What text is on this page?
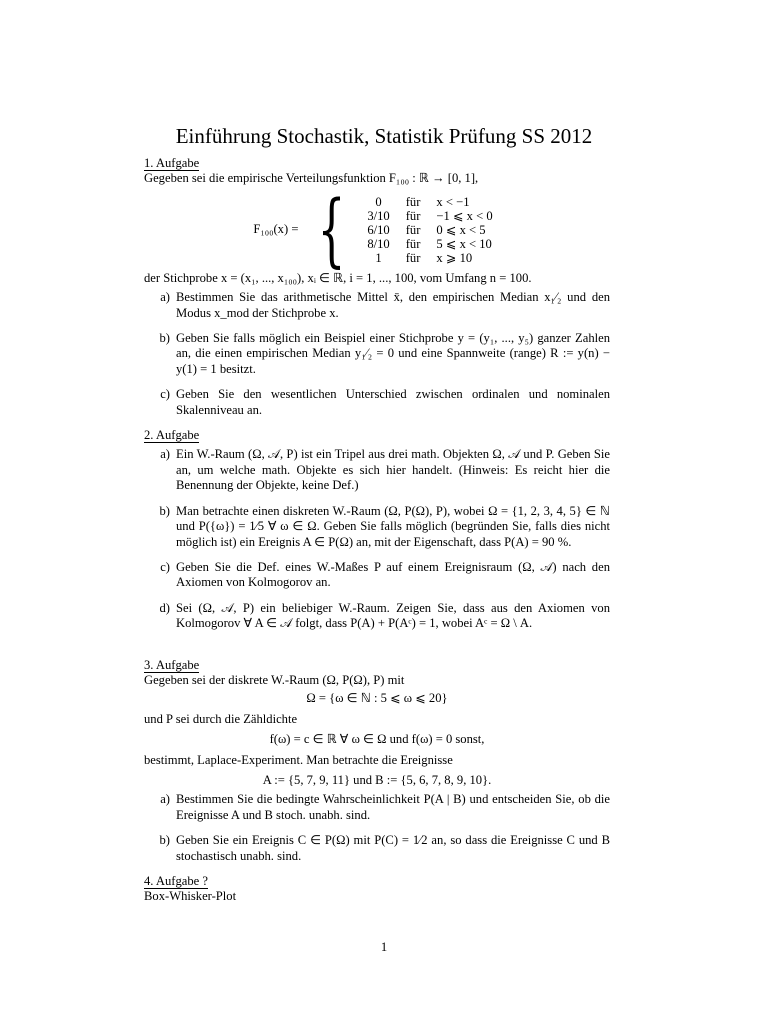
Einführung Stochastik, Statistik Prüfung SS 2012
1. Aufgabe
Gegeben sei die empirische Verteilungsfunktion F₁₀₀ : ℝ → [0, 1],
F₁₀₀(x) = { 0	für	x < −1
3/10	für	−1 ⩽ x < 0
6/10	für	0 ⩽ x < 5
8/10	für	5 ⩽ x < 10
1	für	x ⩾ 10
der Stichprobe x = (x₁, ..., x₁₀₀), xᵢ ∈ ℝ, i = 1, ..., 100, vom Umfang n = 100.
a) Bestimmen Sie das arithmetische Mittel x̄, den empirischen Median x₁⁄₂ und den Modus x_mod der Stichprobe x.
b) Geben Sie falls möglich ein Beispiel einer Stichprobe y = (y₁, ..., y₅) ganzer Zahlen an, die einen empirischen Median y₁⁄₂ = 0 und eine Spannweite (range) R := y(n) − y(1) = 1 besitzt.
c) Geben Sie den wesentlichen Unterschied zwischen ordinalen und nominalen Skalenniveau an.
2. Aufgabe
a) Ein W.-Raum (Ω, 𝒜, P) ist ein Tripel aus drei math. Objekten Ω, 𝒜 und P. Geben Sie an, um welche math. Objekte es sich hier handelt. (Hinweis: Es reicht hier die Benennung der Objekte, keine Def.)
b) Man betrachte einen diskreten W.-Raum (Ω, P(Ω), P), wobei Ω = {1, 2, 3, 4, 5} ∈ ℕ und P({ω}) = 1⁄5 ∀ ω ∈ Ω. Geben Sie falls möglich (begründen Sie, falls dies nicht möglich ist) ein Ereignis A ∈ P(Ω) an, mit der Eigenschaft, dass P(A) = 90 %.
c) Geben Sie die Def. eines W.-Maßes P auf einem Ereignisraum (Ω, 𝒜) nach den Axiomen von Kolmogorov an.
d) Sei (Ω, 𝒜, P) ein beliebiger W.-Raum. Zeigen Sie, dass aus den Axiomen von Kolmogorov ∀ A ∈ 𝒜 folgt, dass P(A) + P(Aᶜ) = 1, wobei Aᶜ = Ω \ A.
3. Aufgabe
Gegeben sei der diskrete W.-Raum (Ω, P(Ω), P) mit
Ω = {ω ∈ ℕ : 5 ⩽ ω ⩽ 20}
und P sei durch die Zähldichte
f(ω) = c ∈ ℝ ∀ ω ∈ Ω und f(ω) = 0 sonst,
bestimmt, Laplace-Experiment. Man betrachte die Ereignisse
A := {5, 7, 9, 11} und B := {5, 6, 7, 8, 9, 10}.
a) Bestimmen Sie die bedingte Wahrscheinlichkeit P(A | B) und entscheiden Sie, ob die Ereignisse A und B stoch. unabh. sind.
b) Geben Sie ein Ereignis C ∈ P(Ω) mit P(C) = 1⁄2 an, so dass die Ereignisse C und B stochastisch unabh. sind.
4. Aufgabe ?
Box-Whisker-Plot
1
